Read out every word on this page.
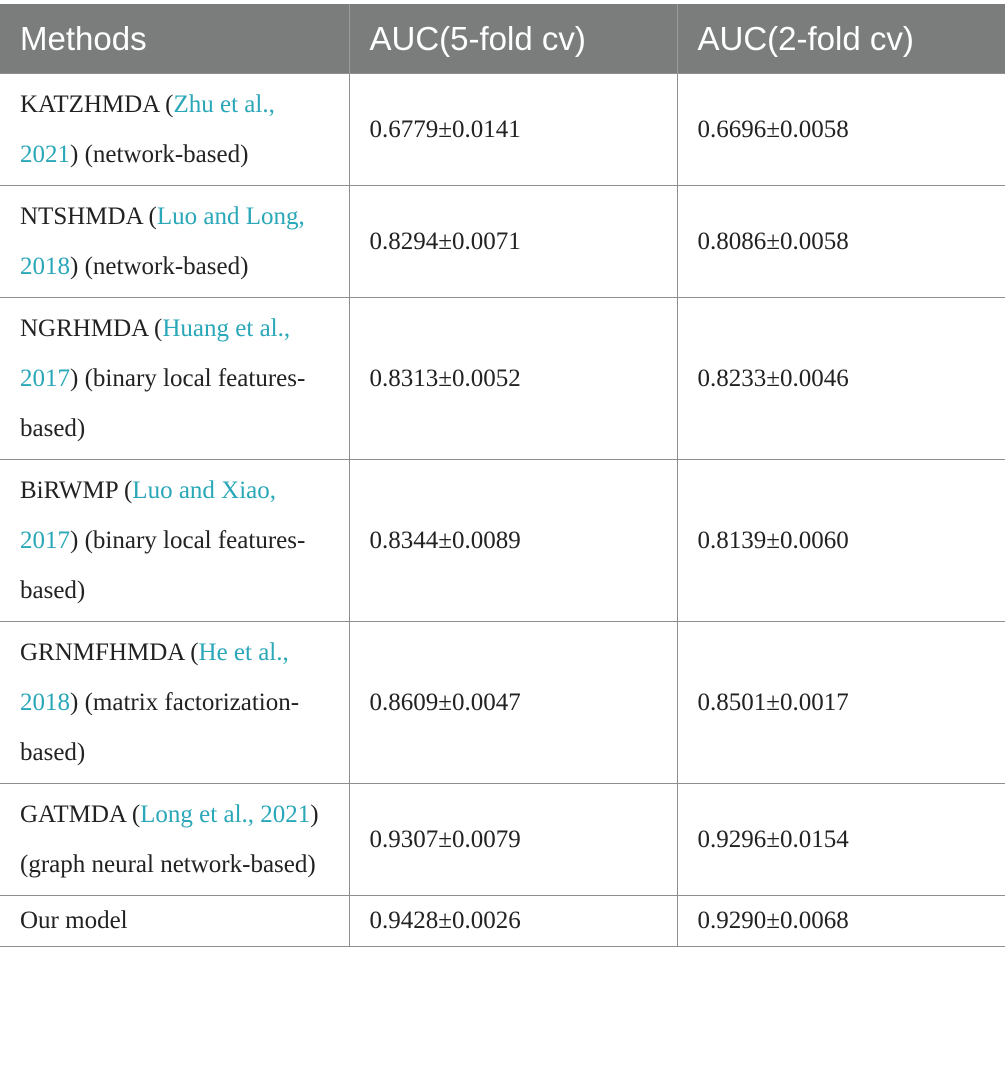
Methods	AUC(5-fold cv)	AUC(2-fold cv)
KATZHMDA (Zhu et al., 2021) (network-based)	0.6779±0.0141	0.6696±0.0058
NTSHMDA (Luo and Long, 2018) (network-based)	0.8294±0.0071	0.8086±0.0058
NGRHMDA (Huang et al., 2017) (binary local features-based)	0.8313±0.0052	0.8233±0.0046
BiRWMP (Luo and Xiao, 2017) (binary local features-based)	0.8344±0.0089	0.8139±0.0060
GRNMFHMDA (He et al., 2018) (matrix factorization-based)	0.8609±0.0047	0.8501±0.0017
GATMDA (Long et al., 2021) (graph neural network-based)	0.9307±0.0079	0.9296±0.0154
Our model	0.9428±0.0026	0.9290±0.0068
